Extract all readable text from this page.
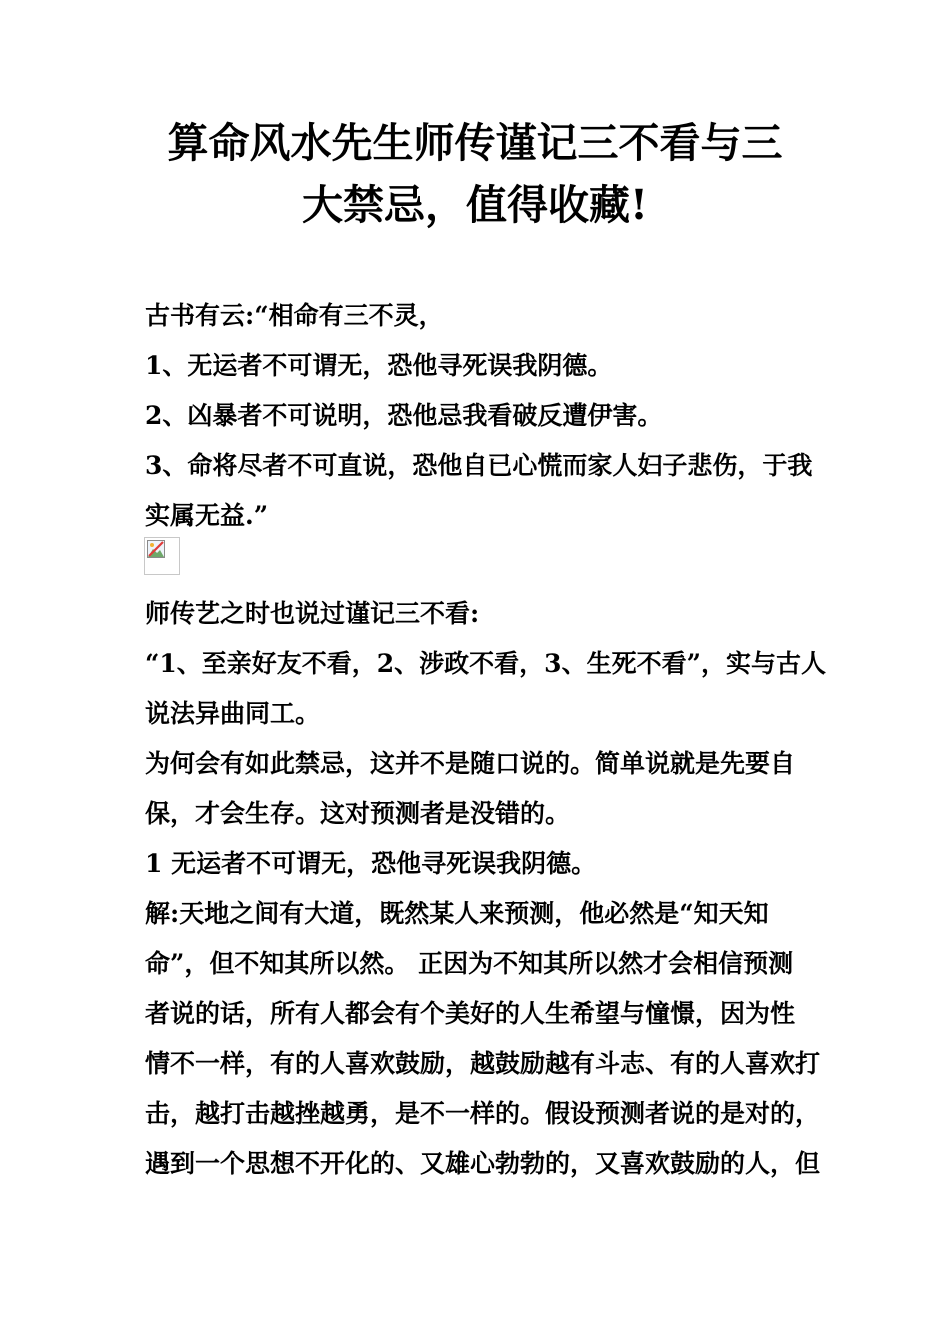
算命风水先生师传谨记三不看与三
大禁忌，值得收藏!
古书有云:“相命有三不灵，
1、无运者不可谓无，恐他寻死误我阴德。
2、凶暴者不可说明，恐他忌我看破反遭伊害。
3、命将尽者不可直说，恐他自已心慌而家人妇子悲伤，于我
实属无益.”
师传艺之时也说过谨记三不看:
“1、至亲好友不看，2、涉政不看，3、生死不看”，实与古人
说法异曲同工。
为何会有如此禁忌，这并不是随口说的。简单说就是先要自
保，才会生存。这对预测者是没错的。
1 无运者不可谓无，恐他寻死误我阴德。
解:天地之间有大道，既然某人来预测，他必然是“知天知
命”，但不知其所以然。 正因为不知其所以然才会相信预测
者说的话，所有人都会有个美好的人生希望与憧憬，因为性
情不一样，有的人喜欢鼓励，越鼓励越有斗志、有的人喜欢打
击，越打击越挫越勇，是不一样的。假设预测者说的是对的，
遇到一个思想不开化的、又雄心勃勃的，又喜欢鼓励的人，但
